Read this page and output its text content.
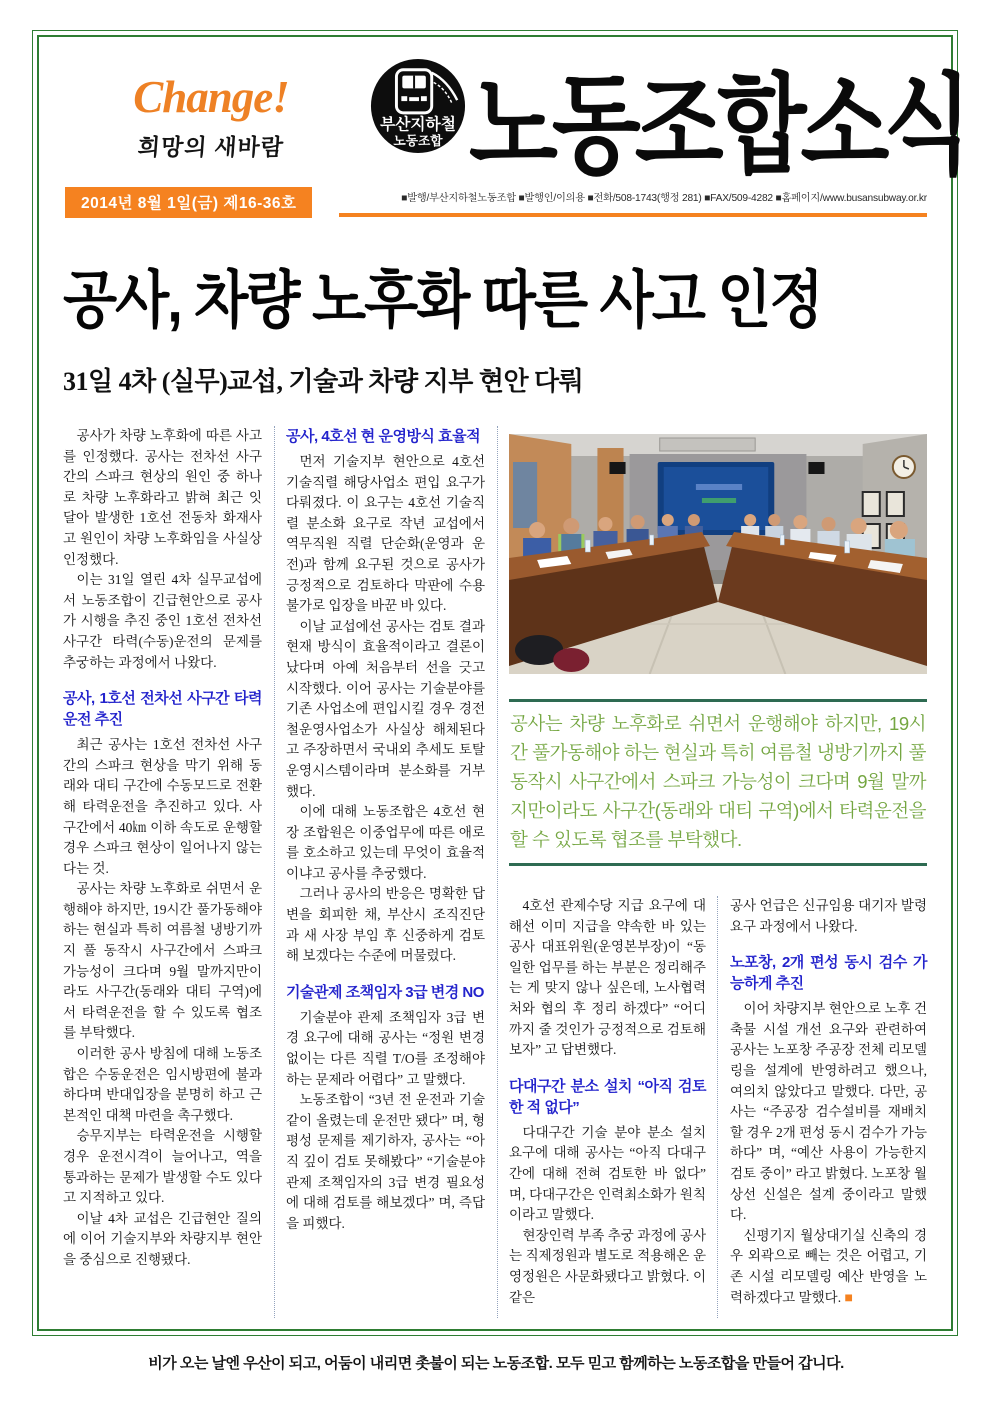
Change!
희망의 새바람
부산지하철
노동조합 노동조합소식
2014년 8월 1일(금) 제16-36호	■발행/부산지하철노동조합 ■발행인/이의용 ■전화/508-1743(행정 281) ■FAX/509-4282 ■홈페이지/www.busansubway.or.kr
공사, 차량 노후화 따른 사고 인정
31일 4차 (실무)교섭, 기술과 차량 지부 현안 다뤄

공사가 차량 노후화에 따른 사고를 인정했다. 공사는 전차선 사구간의 스파크 현상의 원인 중 하나로 차량 노후화라고 밝혀 최근 잇달아 발생한 1호선 전동차 화재사고 원인이 차량 노후화임을 사실상 인정했다.

이는 31일 열린 4차 실무교섭에서 노동조합이 긴급현안으로 공사가 시행을 추진 중인 1호선 전차선 사구간 타력(수동)운전의 문제를 추궁하는 과정에서 나왔다.

공사, 1호선 전차선 사구간 타력운전 추진

최근 공사는 1호선 전차선 사구간의 스파크 현상을 막기 위해 동래와 대티 구간에 수동모드로 전환해 타력운전을 추진하고 있다. 사구간에서 40㎞ 이하 속도로 운행할 경우 스파크 현상이 일어나지 않는다는 것.

공사는 차량 노후화로 쉬면서 운행해야 하지만, 19시간 풀가동해야 하는 현실과 특히 여름철 냉방기까지 풀 동작시 사구간에서 스파크 가능성이 크다며 9월 말까지만이라도 사구간(동래와 대티 구역)에서 타력운전을 할 수 있도록 협조를 부탁했다.

이러한 공사 방침에 대해 노동조합은 수동운전은 임시방편에 불과하다며 반대입장을 분명히 하고 근본적인 대책 마련을 촉구했다.

승무지부는 타력운전을 시행할 경우 운전시격이 늘어나고, 역을 통과하는 문제가 발생할 수도 있다고 지적하고 있다.

이날 4차 교섭은 긴급현안 질의에 이어 기술지부와 차량지부 현안을 중심으로 진행됐다.

공사, 4호선 현 운영방식 효율적

먼저 기술지부 현안으로 4호선 기술직렬 해당사업소 편입 요구가 다뤄졌다. 이 요구는 4호선 기술직렬 분소화 요구로 작년 교섭에서 역무직원 직렬 단순화(운영과 운전)과 함께 요구된 것으로 공사가 긍정적으로 검토하다 막판에 수용불가로 입장을 바꾼 바 있다.

이날 교섭에선 공사는 검토 결과 현재 방식이 효율적이라고 결론이 났다며 아예 처음부터 선을 긋고 시작했다. 이어 공사는 기술분야를 기존 사업소에 편입시킬 경우 경전철운영사업소가 사실상 해체된다고 주장하면서 국내외 추세도 토탈운영시스템이라며 분소화를 거부했다.

이에 대해 노동조합은 4호선 현장 조합원은 이중업무에 따른 애로를 호소하고 있는데 무엇이 효율적이냐고 공사를 추궁했다.

그러나 공사의 반응은 명확한 답변을 회피한 채, 부산시 조직진단과 새 사장 부임 후 신중하게 검토해 보겠다는 수준에 머물렀다.

기술관제 조책임자 3급 변경 NO

기술분야 관제 조책임자 3급 변경 요구에 대해 공사는 “정원 변경 없이는 다른 직렬 T/O를 조정해야 하는 문제라 어렵다” 고 말했다.

노동조합이 “3년 전 운전과 기술 같이 올렸는데 운전만 됐다” 며, 형평성 문제를 제기하자, 공사는 “아직 깊이 검토 못해봤다” “기술분야 관제 조책임자의 3급 변경 필요성에 대해 검토를 해보겠다” 며, 즉답을 피했다.

공사는 차량 노후화로 쉬면서 운행해야 하지만, 19시간 풀가동해야 하는 현실과 특히 여름철 냉방기까지 풀 동작시 사구간에서 스파크 가능성이 크다며 9월 말까지만이라도 사구간(동래와 대티 구역)에서 타력운전을 할 수 있도록 협조를 부탁했다.

4호선 관제수당 지급 요구에 대해선 이미 지급을 약속한 바 있는 공사 대표위원(운영본부장)이 “동일한 업무를 하는 부분은 정리해주는 게 맞지 않나 싶은데, 노사협력처와 협의 후 정리 하겠다” “어디까지 줄 것인가 긍정적으로 검토해 보자” 고 답변했다.

다대구간 분소 설치 “아직 검토한 적 없다”

다대구간 기술 분야 분소 설치 요구에 대해 공사는 “아직 다대구간에 대해 전혀 검토한 바 없다” 며, 다대구간은 인력최소화가 원칙이라고 말했다.

현장인력 부족 추궁 과정에 공사는 직제정원과 별도로 적용해온 운영정원은 사문화됐다고 밝혔다. 이 같은

공사 언급은 신규임용 대기자 발령 요구 과정에서 나왔다.

노포창, 2개 편성 동시 검수 가능하게 추진

이어 차량지부 현안으로 노후 건축물 시설 개선 요구와 관련하여 공사는 노포창 주공장 전체 리모델링을 설계에 반영하려고 했으나, 여의치 않았다고 말했다. 다만, 공사는 “주공장 검수설비를 재배치할 경우 2개 편성 동시 검수가 가능하다” 며, “예산 사용이 가능한지 검토 중이” 라고 밝혔다. 노포창 월상선 신설은 설계 중이라고 말했다.

신평기지 월상대기실 신축의 경우 외곽으로 빼는 것은 어렵고, 기존 시설 리모델링 예산 반영을 노력하겠다고 말했다. ■

비가 오는 날엔 우산이 되고, 어둠이 내리면 촛불이 되는 노동조합. 모두 믿고 함께하는 노동조합을 만들어 갑니다.
